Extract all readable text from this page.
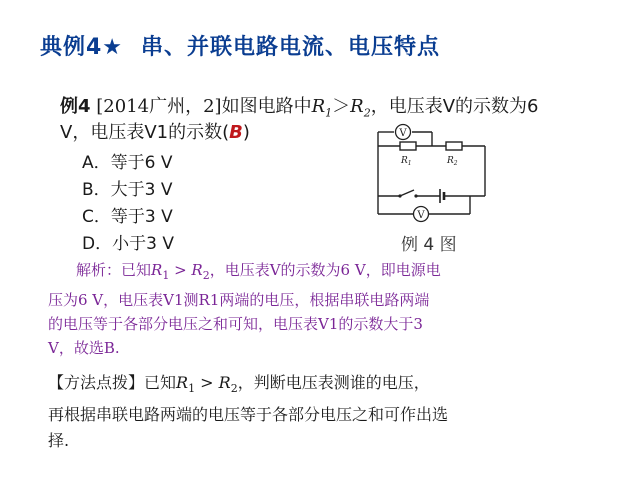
典例4★ 串、并联电路电流、电压特点
例4 [2014广州，2]如图电路中$R_1>R_2$，电压表V的示数为6
V，电压表V1的示数(B)
A．等于6 V
B．大于3 V
C．等于3 V
D．小于3 V
V
V
$R_1$	$R_2$
例 4 图
解析：已知$R_1 > R_2$，电压表V的示数为6 V，即电源电
压为6 V，电压表V1测R1两端的电压，根据串联电路两端
的电压等于各部分电压之和可知，电压表V1的示数大于3
V，故选B.
【方法点拨】已知$R_1 > R_2$，判断电压表测谁的电压，
再根据串联电路两端的电压等于各部分电压之和可作出选
择.
